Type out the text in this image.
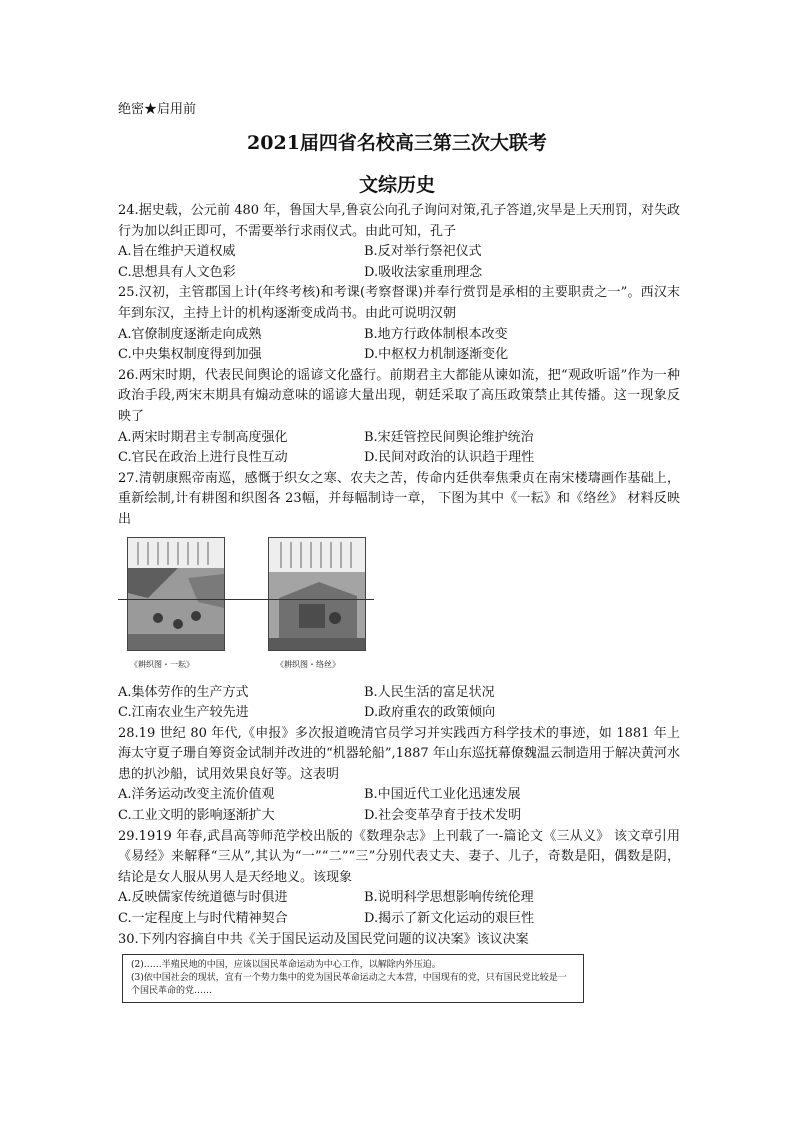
绝密★启用前
2021届四省名校高三第三次大联考
文综历史

24.据史载，公元前 480 年，鲁国大旱,鲁哀公向孔子询问对策,孔子答道,灾旱是上天刑罚，对失政行为加以纠正即可，不需要举行求雨仪式。由此可知，孔子

A.旨在维护天道权威	B.反对举行祭祀仪式
C.思想具有人文色彩	D.吸收法家重刑理念

25.汉初，主管郡国上计(年终考核)和考课(考察督课)并奉行赏罚是承相的主要职责之一”。西汉末年到东汉，主持上计的机构逐渐变成尚书。由此可说明汉朝

A.官僚制度逐渐走向成熟	B.地方行政体制根本改变
C.中央集权制度得到加强	D.中枢权力机制逐渐变化

26.两宋时期，代表民间舆论的谣谚文化盛行。前期君主大都能从谏如流，把“观政听谣”作为一种政治手段,两宋末期具有煽动意味的谣谚大量出现，朝廷采取了高压政策禁止其传播。这一现象反映了

A.两宋时期君主专制高度强化	B.宋廷管控民间舆论维护统治
C.官民在政治上进行良性互动	D.民间对政治的认识趋于理性

27.清朝康熙帝南巡，感慨于织女之寒、农夫之苦，传命内廷供奉焦秉贞在南宋楼璹画作基础上，重新绘制,计有耕图和织图各 23幅，并每幅制诗一章， 下图为其中《一耘》和《络丝》 材料反映出

《耕织图・一耘》	《耕织图・络丝》
A.集体劳作的生产方式	B.人民生活的富足状况
C.江南农业生产较先进	D.政府重农的政策倾向

28.19 世纪 80 年代,《申报》多次报道晚清官员学习并实践西方科学技术的事迹，如 1881 年上海太守夏子珊自筹资金试制并改进的“机器轮船”,1887 年山东巡抚幕僚魏温云制造用于解决黄河水患的扒沙船，试用效果良好等。这表明

A.洋务运动改变主流价值观	B.中国近代工业化迅速发展
C.工业文明的影响逐渐扩大	D.社会变革孕育于技术发明

29.1919 年春,武昌高等师范学校出版的《数理杂志》上刊载了一-篇论文《三从义》 该文章引用《易经》来解释“三从”,其认为“一”“二”“三”分别代表丈夫、妻子、儿子，奇数是阳，偶数是阴，结论是女人服从男人是天经地义。该现象

A.反映儒家传统道德与时俱进	B.说明科学思想影响传统伦理
C.一定程度上与时代精神契合	D.揭示了新文化运动的艰巨性

30.下列内容摘自中共《关于国民运动及国民党问题的议决案》该议决案

(2)……半殖民地的中国，应该以国民革命运动为中心工作，以解除内外压迫。
(3)依中国社会的现状，宜有一个势力集中的党为国民革命运动之大本营，中国现有的党，只有国民党比较是一个国民革命的党……
